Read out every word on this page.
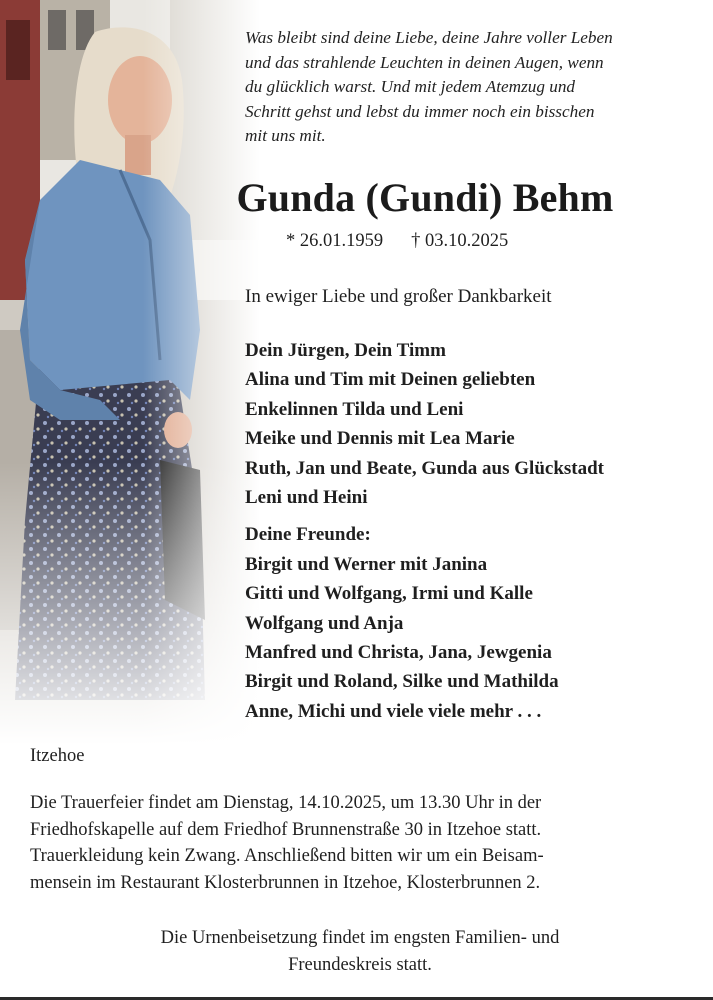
Was bleibt sind deine Liebe, deine Jahre voller Leben
und das strahlende Leuchten in deinen Augen, wenn
du glücklich warst. Und mit jedem Atemzug und
Schritt gehst und lebst du immer noch ein bisschen
mit uns mit.
Gunda (Gundi) Behm
* 26.01.1959 † 03.10.2025
In ewiger Liebe und großer Dankbarkeit
Dein Jürgen, Dein Timm
Alina und Tim mit Deinen geliebten
Enkelinnen Tilda und Leni
Meike und Dennis mit Lea Marie
Ruth, Jan und Beate, Gunda aus Glückstadt
Leni und Heini
Deine Freunde:
Birgit und Werner mit Janina
Gitti und Wolfgang, Irmi und Kalle
Wolfgang und Anja
Manfred und Christa, Jana, Jewgenia
Birgit und Roland, Silke und Mathilda
Anne, Michi und viele viele mehr . . .
Itzehoe
Die Trauerfeier findet am Dienstag, 14.10.2025, um 13.30 Uhr in der
Friedhofskapelle auf dem Friedhof Brunnenstraße 30 in Itzehoe statt.
Trauerkleidung kein Zwang. Anschließend bitten wir um ein Beisam-
mensein im Restaurant Klosterbrunnen in Itzehoe, Klosterbrunnen 2.
Die Urnenbeisetzung findet im engsten Familien- und
Freundeskreis statt.
